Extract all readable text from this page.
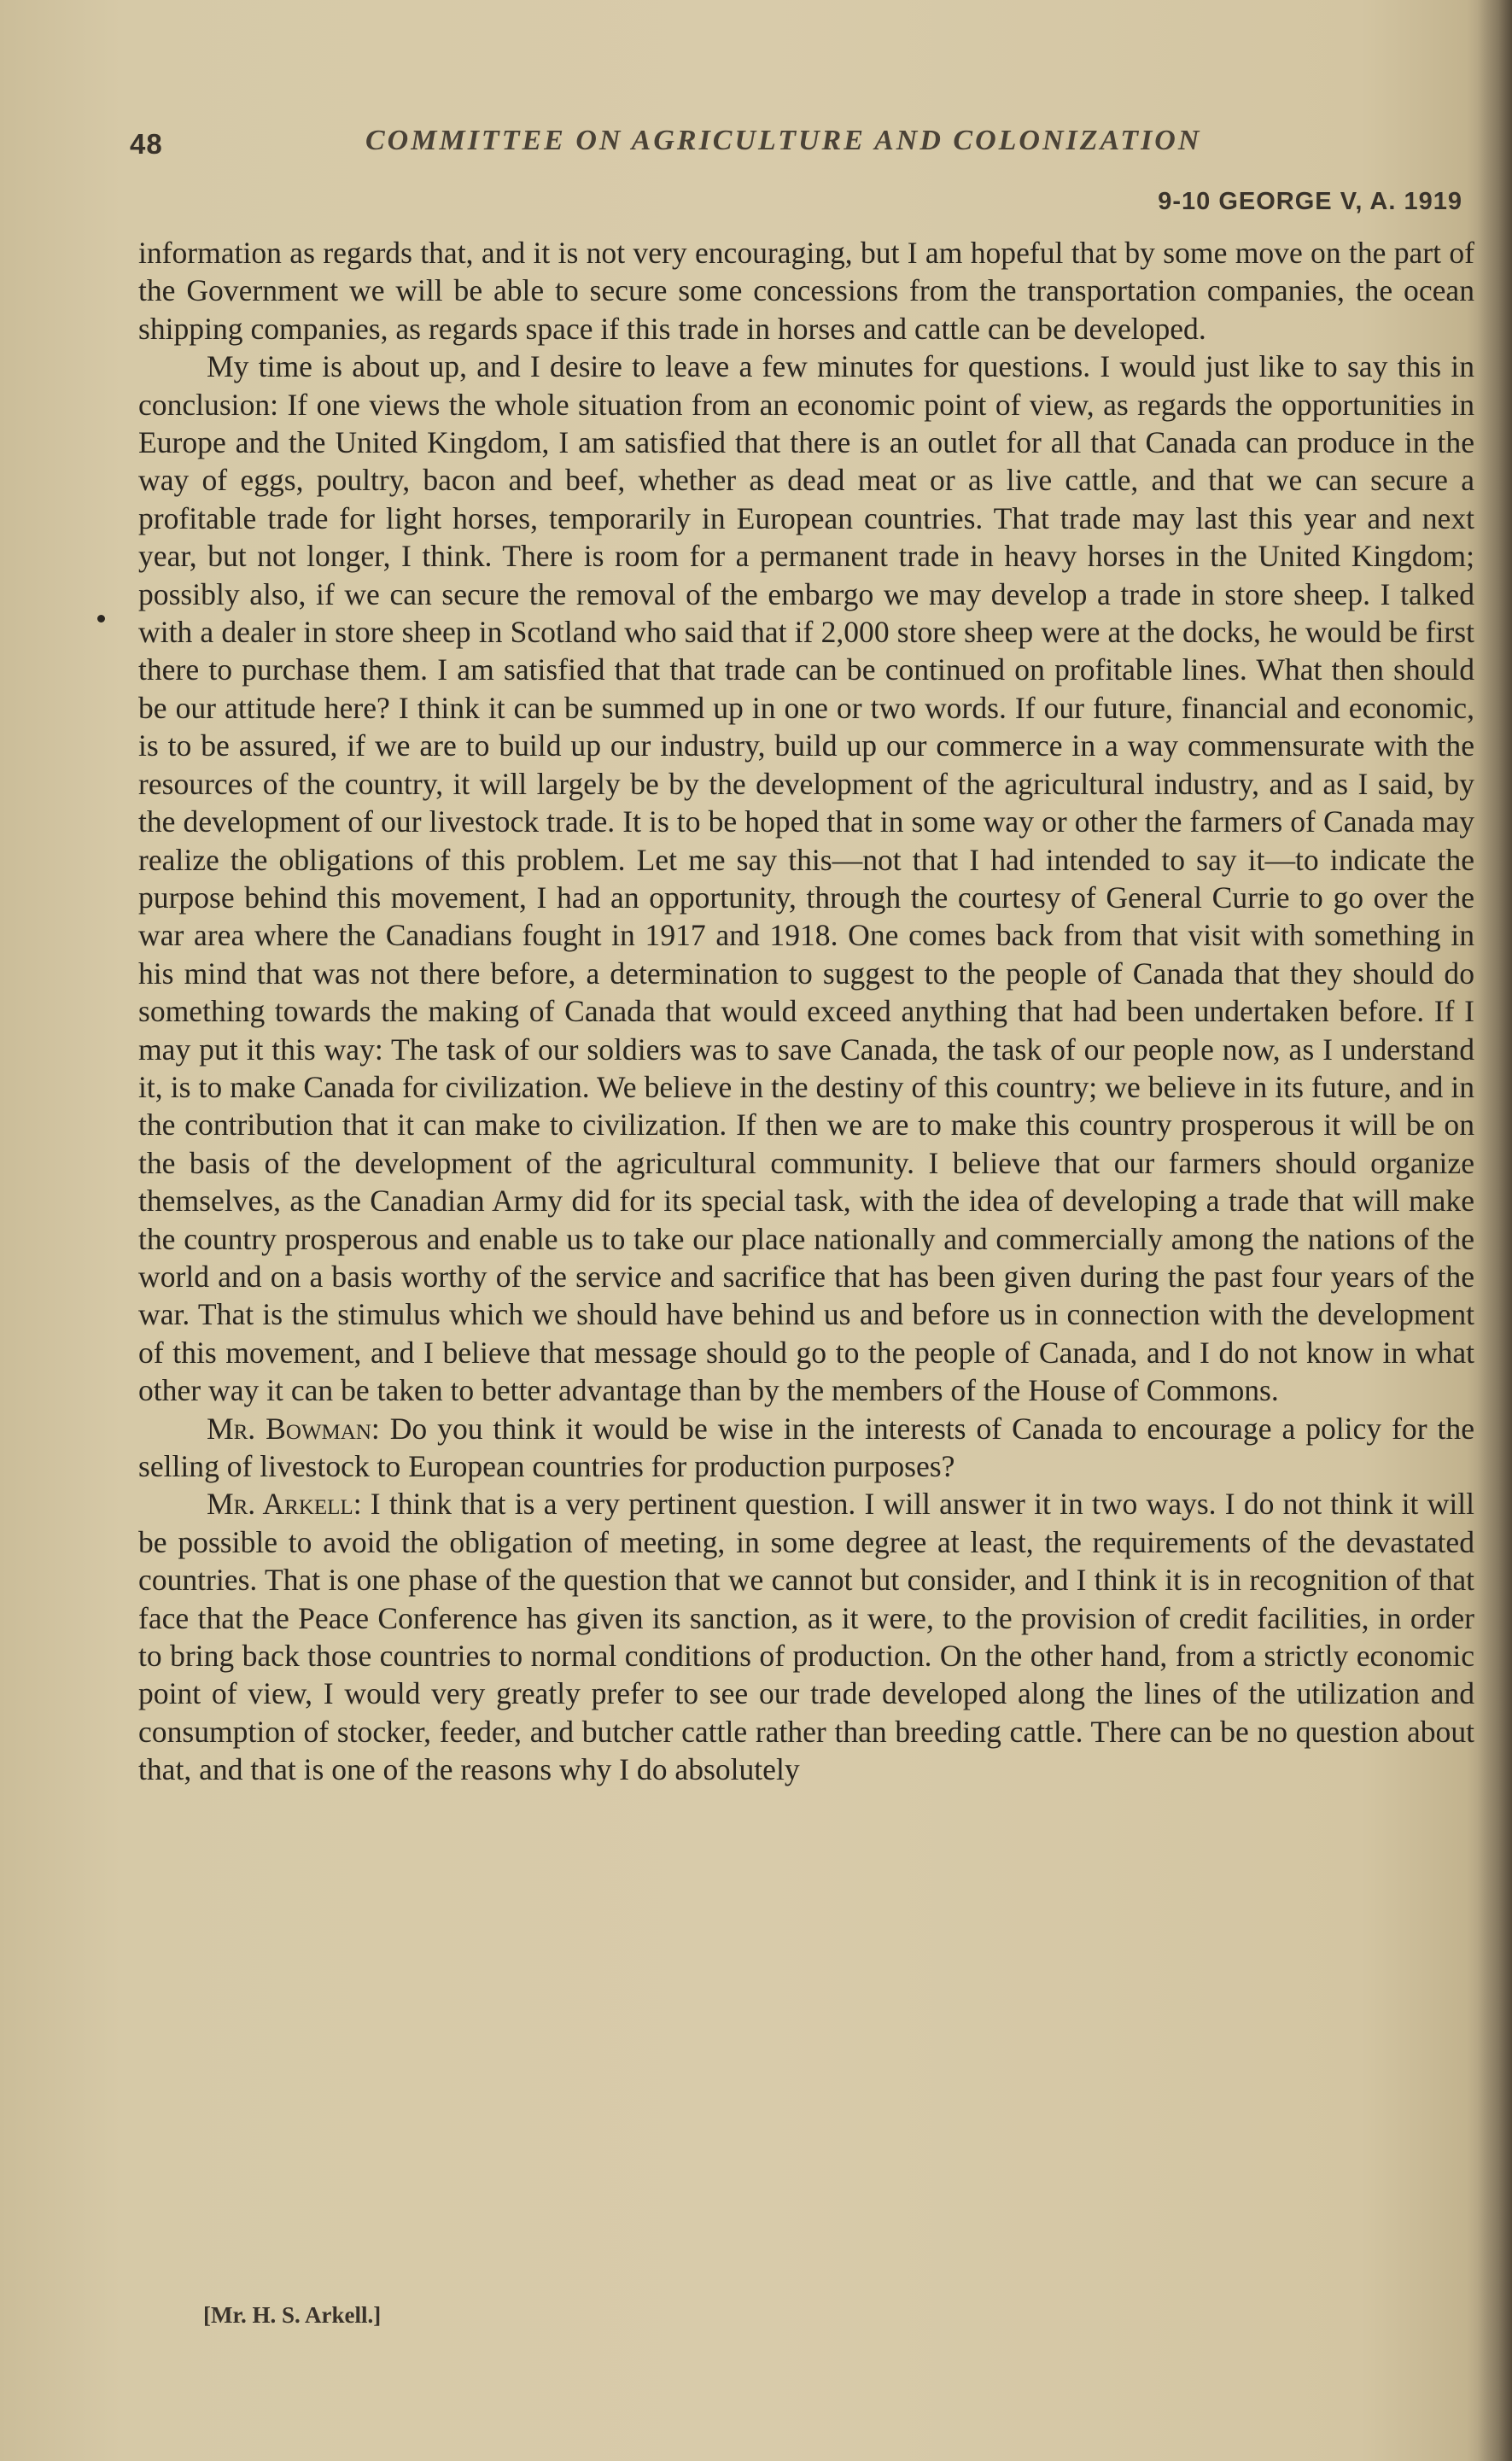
48	COMMITTEE ON AGRICULTURE AND COLONIZATION
9-10 GEORGE V, A. 1919

information as regards that, and it is not very encouraging, but I am hopeful that by some move on the part of the Government we will be able to secure some concessions from the transportation companies, the ocean shipping companies, as regards space if this trade in horses and cattle can be developed.

My time is about up, and I desire to leave a few minutes for questions. I would just like to say this in conclusion: If one views the whole situation from an economic point of view, as regards the opportunities in Europe and the United Kingdom, I am satisfied that there is an outlet for all that Canada can produce in the way of eggs, poultry, bacon and beef, whether as dead meat or as live cattle, and that we can secure a profitable trade for light horses, temporarily in European countries. That trade may last this year and next year, but not longer, I think. There is room for a permanent trade in heavy horses in the United Kingdom; possibly also, if we can secure the removal of the embargo we may develop a trade in store sheep. I talked with a dealer in store sheep in Scotland who said that if 2,000 store sheep were at the docks, he would be first there to purchase them. I am satisfied that that trade can be continued on profitable lines. What then should be our attitude here? I think it can be summed up in one or two words. If our future, financial and economic, is to be assured, if we are to build up our industry, build up our commerce in a way commensurate with the resources of the country, it will largely be by the development of the agricultural industry, and as I said, by the development of our livestock trade. It is to be hoped that in some way or other the farmers of Canada may realize the obligations of this problem. Let me say this—not that I had intended to say it—to indicate the purpose behind this movement, I had an opportunity, through the courtesy of General Currie to go over the war area where the Canadians fought in 1917 and 1918. One comes back from that visit with something in his mind that was not there before, a determination to suggest to the people of Canada that they should do something towards the making of Canada that would exceed anything that had been undertaken before. If I may put it this way: The task of our soldiers was to save Canada, the task of our people now, as I understand it, is to make Canada for civilization. We believe in the destiny of this country; we believe in its future, and in the contribution that it can make to civilization. If then we are to make this country prosperous it will be on the basis of the development of the agricultural community. I believe that our farmers should organize themselves, as the Canadian Army did for its special task, with the idea of developing a trade that will make the country prosperous and enable us to take our place nationally and commercially among the nations of the world and on a basis worthy of the service and sacrifice that has been given during the past four years of the war. That is the stimulus which we should have behind us and before us in connection with the development of this movement, and I believe that message should go to the people of Canada, and I do not know in what other way it can be taken to better advantage than by the members of the House of Commons.

Mr. Bowman: Do you think it would be wise in the interests of Canada to encourage a policy for the selling of livestock to European countries for production purposes?

Mr. Arkell: I think that is a very pertinent question. I will answer it in two ways. I do not think it will be possible to avoid the obligation of meeting, in some degree at least, the requirements of the devastated countries. That is one phase of the question that we cannot but consider, and I think it is in recognition of that face that the Peace Conference has given its sanction, as it were, to the provision of credit facilities, in order to bring back those countries to normal conditions of production. On the other hand, from a strictly economic point of view, I would very greatly prefer to see our trade developed along the lines of the utilization and consumption of stocker, feeder, and butcher cattle rather than breeding cattle. There can be no question about that, and that is one of the reasons why I do absolutely

[Mr. H. S. Arkell.]
